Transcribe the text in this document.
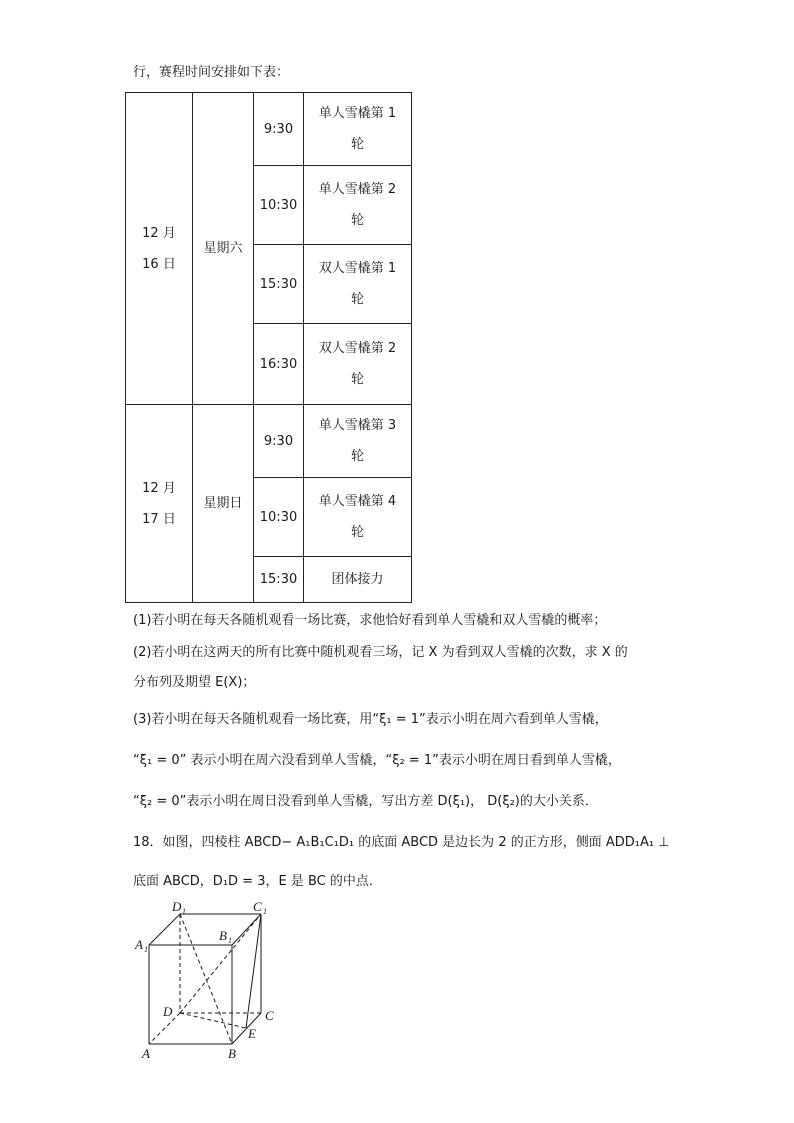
行，赛程时间安排如下表：
12 月 16 日	星期六	9:30	单人雪橇第 1 轮
		10:30	单人雪橇第 2 轮
		15:30	双人雪橇第 1 轮
		16:30	双人雪橇第 2 轮
12 月 17 日	星期日	9:30	单人雪橇第 3 轮
		10:30	单人雪橇第 4 轮
		15:30	团体接力
(1)若小明在每天各随机观看一场比赛，求他恰好看到单人雪橇和双人雪橇的概率；
(2)若小明在这两天的所有比赛中随机观看三场，记 X 为看到双人雪橇的次数，求 X 的
分布列及期望 E(X)；
(3)若小明在每天各随机观看一场比赛，用“ξ₁ = 1”表示小明在周六看到单人雪橇，
“ξ₁ = 0” 表示小明在周六没看到单人雪橇，“ξ₂ = 1”表示小明在周日看到单人雪橇，
“ξ₂ = 0”表示小明在周日没看到单人雪橇，写出方差 D(ξ₁)， D(ξ₂)的大小关系．
18．如图，四棱柱 ABCD− A₁B₁C₁D₁ 的底面 ABCD 是边长为 2 的正方形，侧面 ADD₁A₁ ⊥
底面 ABCD，D₁D = 3，E 是 BC 的中点．
D 1	C 1
A 1
B 1
D	C
E
A	B
